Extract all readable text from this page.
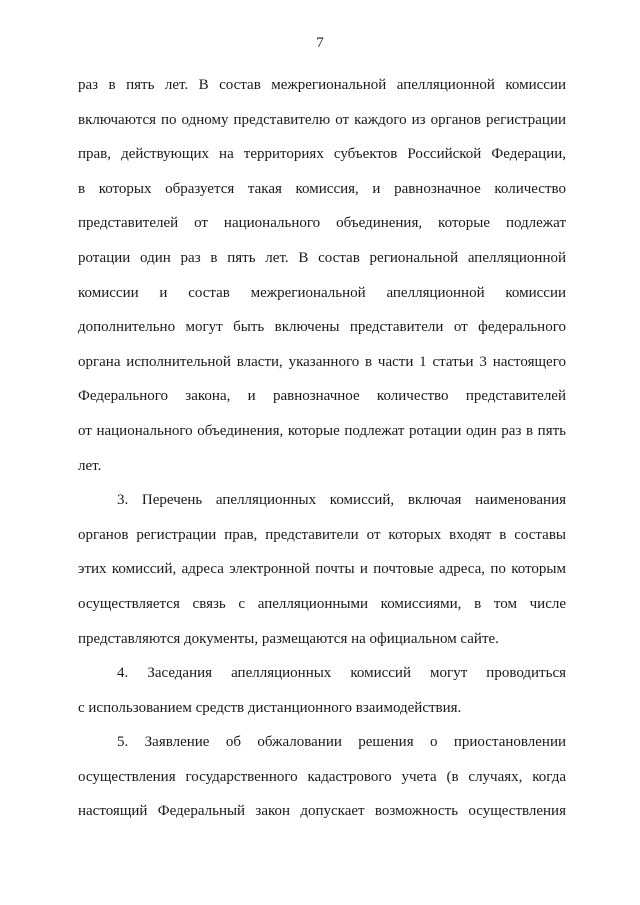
7
раз в пять лет. В состав межрегиональной апелляционной комиссии
включаются по одному представителю от каждого из органов регистрации
прав, действующих на территориях субъектов Российской Федерации,
в которых образуется такая комиссия, и равнозначное количество
представителей от национального объединения, которые подлежат
ротации один раз в пять лет. В состав региональной апелляционной
комиссии и состав межрегиональной апелляционной комиссии
дополнительно могут быть включены представители от федерального
органа исполнительной власти, указанного в части 1 статьи 3 настоящего
Федерального закона, и равнозначное количество представителей
от национального объединения, которые подлежат ротации один раз в пять
лет.
3. Перечень апелляционных комиссий, включая наименования
органов регистрации прав, представители от которых входят в составы
этих комиссий, адреса электронной почты и почтовые адреса, по которым
осуществляется связь с апелляционными комиссиями, в том числе
представляются документы, размещаются на официальном сайте.
4. Заседания апелляционных комиссий могут проводиться
с использованием средств дистанционного взаимодействия.
5. Заявление об обжаловании решения о приостановлении
осуществления государственного кадастрового учета (в случаях, когда
настоящий Федеральный закон допускает возможность осуществления
